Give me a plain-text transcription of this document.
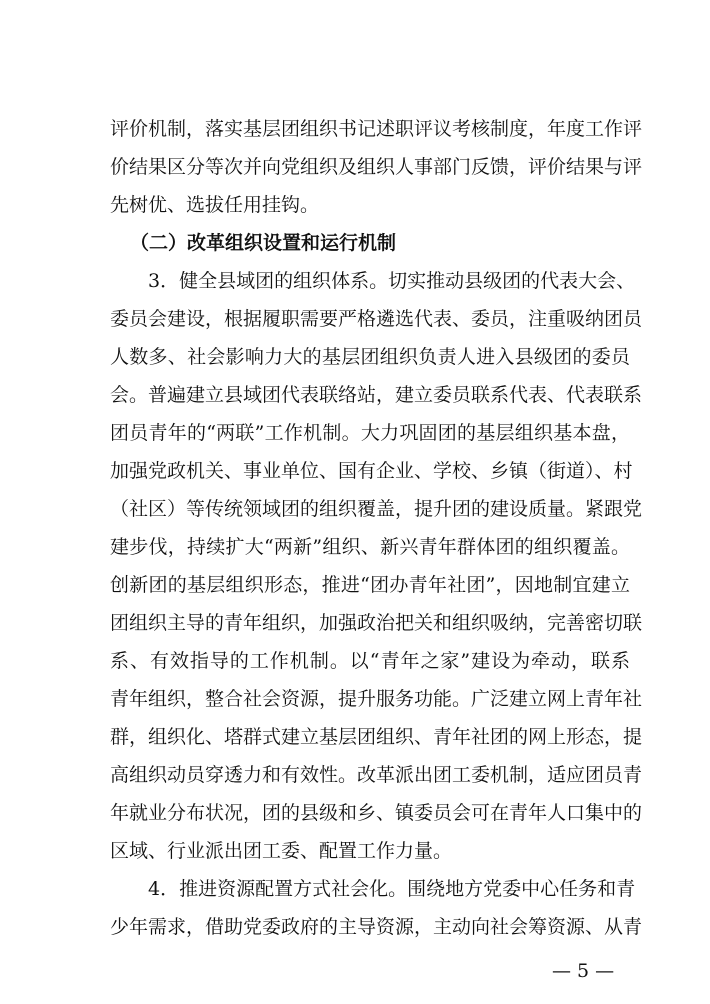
评价机制，落实基层团组织书记述职评议考核制度，年度工作评
价结果区分等次并向党组织及组织人事部门反馈，评价结果与评
先树优、选拔任用挂钩。
（二）改革组织设置和运行机制
3．健全县域团的组织体系。切实推动县级团的代表大会、
委员会建设，根据履职需要严格遴选代表、委员，注重吸纳团员
人数多、社会影响力大的基层团组织负责人进入县级团的委员
会。普遍建立县域团代表联络站，建立委员联系代表、代表联系
团员青年的“两联”工作机制。大力巩固团的基层组织基本盘，
加强党政机关、事业单位、国有企业、学校、乡镇（街道）、村
（社区）等传统领域团的组织覆盖，提升团的建设质量。紧跟党
建步伐，持续扩大“两新”组织、新兴青年群体团的组织覆盖。
创新团的基层组织形态，推进“团办青年社团”，因地制宜建立
团组织主导的青年组织，加强政治把关和组织吸纳，完善密切联
系、有效指导的工作机制。以“青年之家”建设为牵动，联系
青年组织，整合社会资源，提升服务功能。广泛建立网上青年社
群，组织化、塔群式建立基层团组织、青年社团的网上形态，提
高组织动员穿透力和有效性。改革派出团工委机制，适应团员青
年就业分布状况，团的县级和乡、镇委员会可在青年人口集中的
区域、行业派出团工委、配置工作力量。
4．推进资源配置方式社会化。围绕地方党委中心任务和青
少年需求，借助党委政府的主导资源，主动向社会筹资源、从青
— 5 —
